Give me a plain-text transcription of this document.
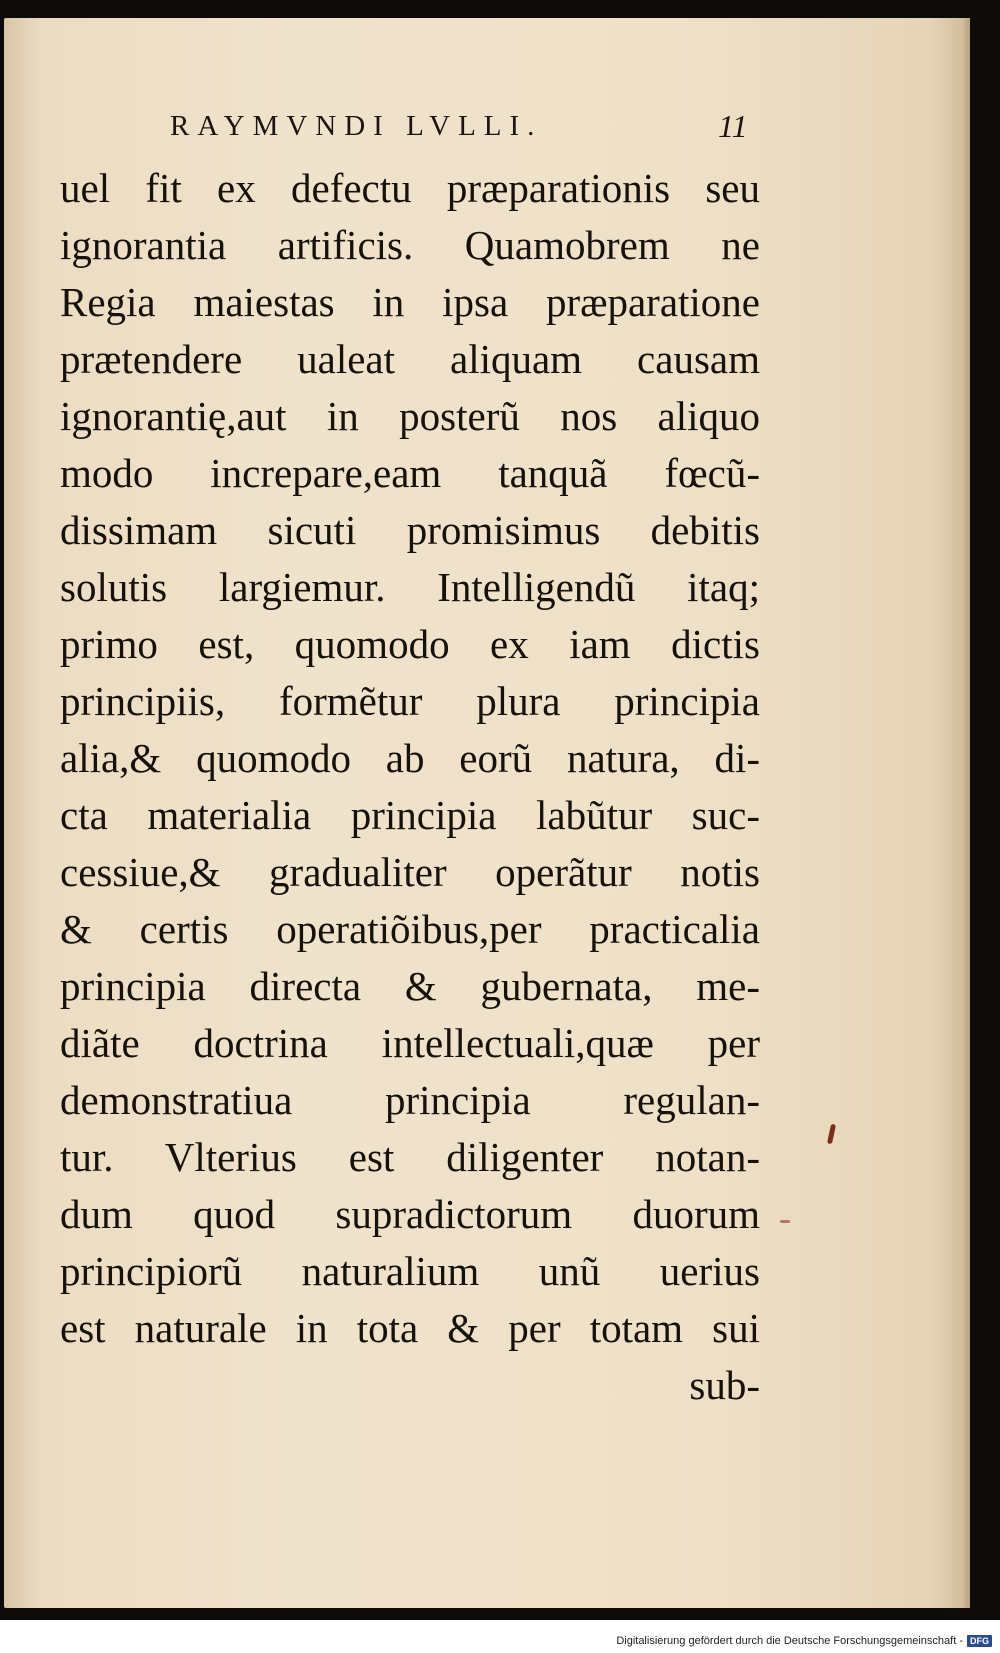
RAYMVNDI LVLLI.	11
uel fit ex defectu præparationis seu
ignorantia artificis. Quamobrem ne
Regia maiestas in ipsa præparatione
prætendere ualeat aliquam causam
ignorantię,aut in posterũ nos aliquo
modo increpare,eam tanquã fœcũ-
dissimam sicuti promisimus debitis
solutis largiemur. Intelligendũ itaq;
primo est, quomodo ex iam dictis
principiis, formẽtur plura principia
alia,& quomodo ab eorũ natura, di-
cta materialia principia labũtur suc-
cessiue,& gradualiter operãtur notis
& certis operatiõibus,per practicalia
principia directa & gubernata, me-
diãte doctrina intellectuali,quæ per
demonstratiua principia regulan-
tur. Vlterius est diligenter notan-
dum quod supradictorum duorum
principiorũ naturalium unũ uerius
est naturale in tota & per totam sui
sub-
Digitalisierung gefördert durch die Deutsche Forschungsgemeinschaft - DFG
